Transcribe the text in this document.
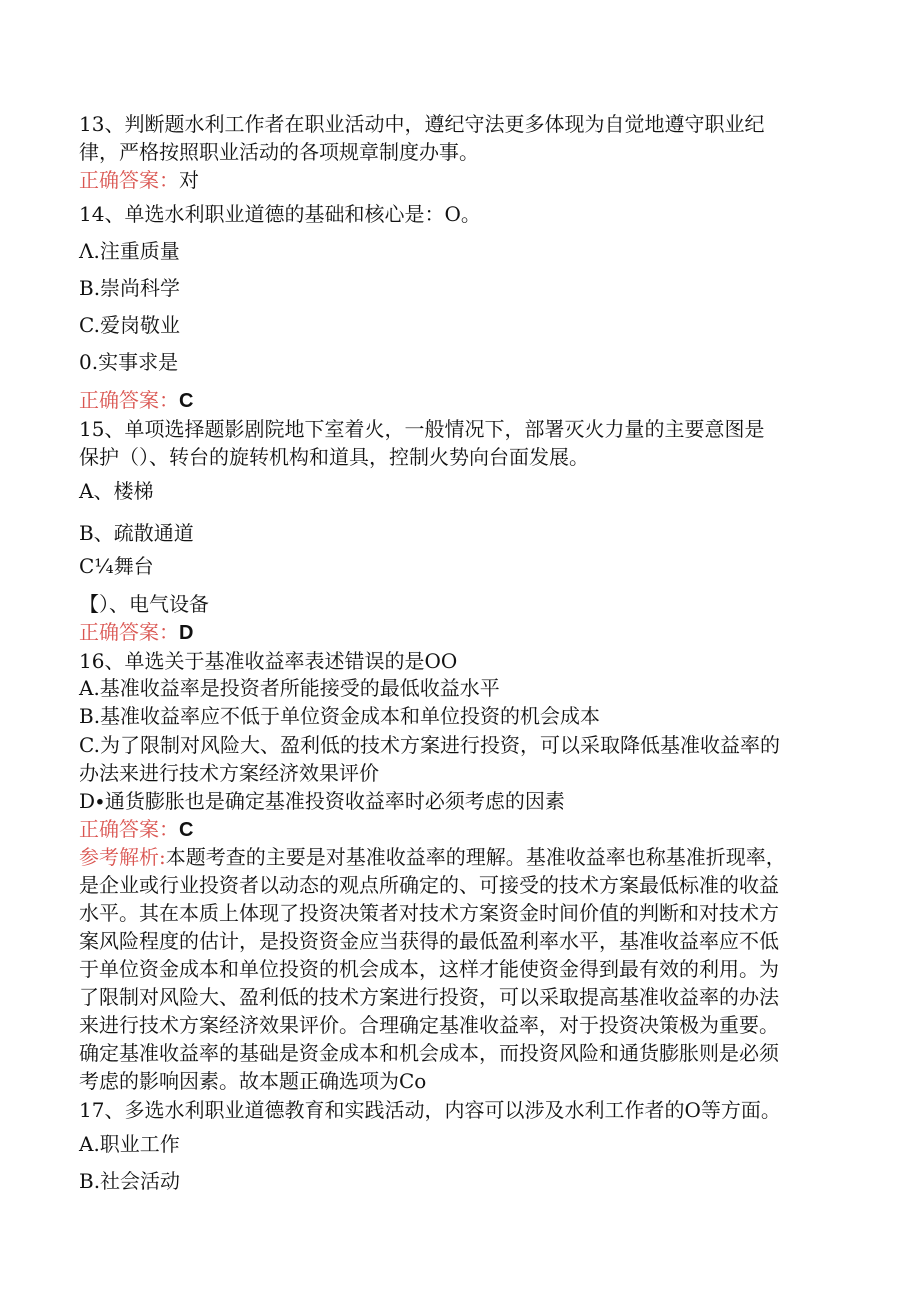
13、判断题水利工作者在职业活动中，遵纪守法更多体现为自觉地遵守职业纪
律，严格按照职业活动的各项规章制度办事。
正确答案：对
14、单选水利职业道德的基础和核心是：O。
Λ.注重质量
B.崇尚科学
C.爱岗敬业
0.实事求是
正确答案：C
15、单项选择题影剧院地下室着火，一般情况下，部署灭火力量的主要意图是
保护（）、转台的旋转机构和道具，控制火势向台面发展。
A、楼梯
B、疏散通道
C¼舞台
【）、电气设备
正确答案：D
16、单选关于基准收益率表述错误的是OO
A.基准收益率是投资者所能接受的最低收益水平
B.基准收益率应不低于单位资金成本和单位投资的机会成本
C.为了限制对风险大、盈利低的技术方案进行投资，可以采取降低基准收益率的
办法来进行技术方案经济效果评价
D∙通货膨胀也是确定基准投资收益率时必须考虑的因素
正确答案：C
参考解析:本题考查的主要是对基准收益率的理解。基准收益率也称基准折现率，
是企业或行业投资者以动态的观点所确定的、可接受的技术方案最低标准的收益
水平。其在本质上体现了投资决策者对技术方案资金时间价值的判断和对技术方
案风险程度的估计，是投资资金应当获得的最低盈利率水平，基准收益率应不低
于单位资金成本和单位投资的机会成本，这样才能使资金得到最有效的利用。为
了限制对风险大、盈利低的技术方案进行投资，可以采取提高基准收益率的办法
来进行技术方案经济效果评价。合理确定基准收益率，对于投资决策极为重要。
确定基准收益率的基础是资金成本和机会成本，而投资风险和通货膨胀则是必须
考虑的影响因素。故本题正确选项为Co
17、多选水利职业道德教育和实践活动，内容可以涉及水利工作者的O等方面。
A.职业工作
B.社会活动
